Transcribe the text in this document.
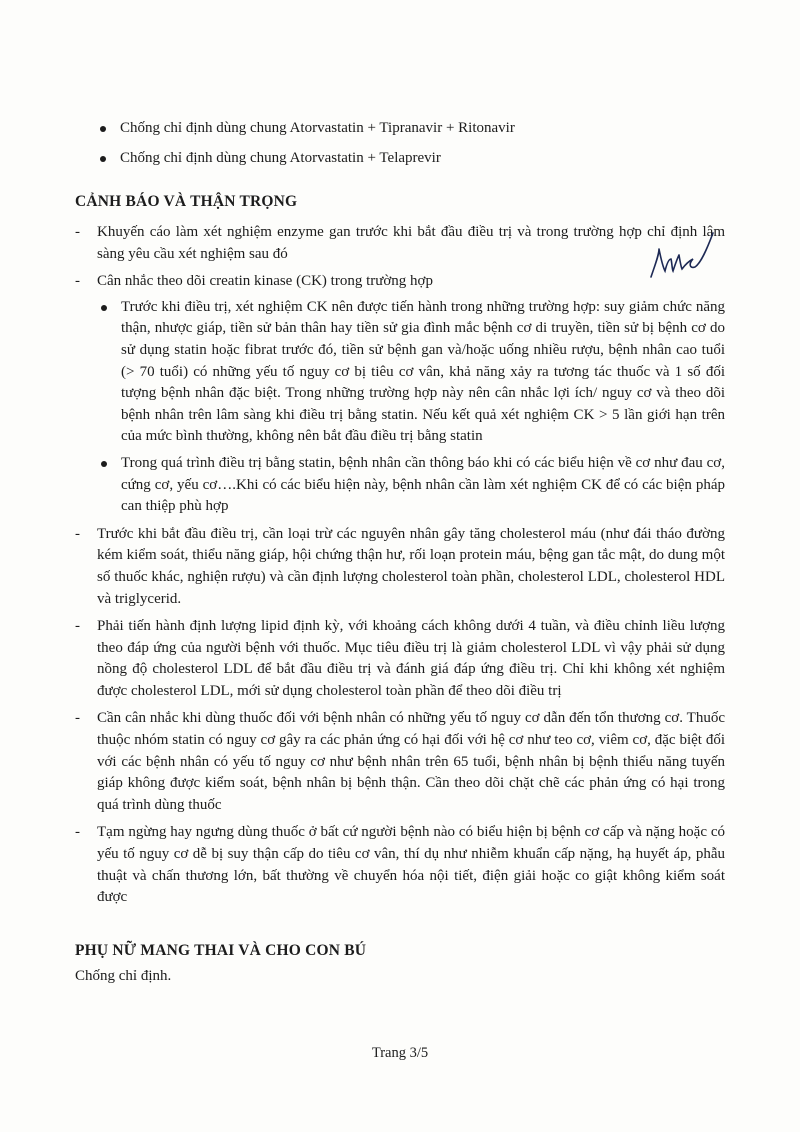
Chống chỉ định dùng chung Atorvastatin + Tipranavir + Ritonavir
Chống chỉ định dùng chung Atorvastatin + Telaprevir
CẢNH BÁO VÀ THẬN TRỌNG
- Khuyến cáo làm xét nghiệm enzyme gan trước khi bắt đầu điều trị và trong trường hợp chỉ định lâm sàng yêu cầu xét nghiệm sau đó
- Cân nhắc theo dõi creatin kinase (CK) trong trường hợp
Trước khi điều trị, xét nghiệm CK nên được tiến hành trong những trường hợp: suy giảm chức năng thận, nhược giáp, tiền sử bản thân hay tiền sử gia đình mắc bệnh cơ di truyền, tiền sử bị bệnh cơ do sử dụng statin hoặc fibrat trước đó, tiền sử bệnh gan và/hoặc uống nhiều rượu, bệnh nhân cao tuổi (> 70 tuổi) có những yếu tố nguy cơ bị tiêu cơ vân, khả năng xảy ra tương tác thuốc và 1 số đối tượng bệnh nhân đặc biệt. Trong những trường hợp này nên cân nhắc lợi ích/ nguy cơ và theo dõi bệnh nhân trên lâm sàng khi điều trị bằng statin. Nếu kết quả xét nghiệm CK > 5 lần giới hạn trên của mức bình thường, không nên bắt đầu điều trị bằng statin
Trong quá trình điều trị bằng statin, bệnh nhân cần thông báo khi có các biểu hiện về cơ như đau cơ, cứng cơ, yếu cơ….Khi có các biểu hiện này, bệnh nhân cần làm xét nghiệm CK để có các biện pháp can thiệp phù hợp
- Trước khi bắt đầu điều trị, cần loại trừ các nguyên nhân gây tăng cholesterol máu (như đái tháo đường kém kiểm soát, thiểu năng giáp, hội chứng thận hư, rối loạn protein máu, bệng gan tắc mật, do dung một số thuốc khác, nghiện rượu) và cần định lượng cholesterol toàn phần, cholesterol LDL, cholesterol HDL và triglycerid.
- Phải tiến hành định lượng lipid định kỳ, với khoảng cách không dưới 4 tuần, và điều chỉnh liều lượng theo đáp ứng của người bệnh với thuốc. Mục tiêu điều trị là giảm cholesterol LDL vì vậy phải sử dụng nồng độ cholesterol LDL để bắt đầu điều trị và đánh giá đáp ứng điều trị. Chỉ khi không xét nghiệm được cholesterol LDL, mới sử dụng cholesterol toàn phần để theo dõi điều trị
- Cần cân nhắc khi dùng thuốc đối với bệnh nhân có những yếu tố nguy cơ dẫn đến tổn thương cơ. Thuốc thuộc nhóm statin có nguy cơ gây ra các phản ứng có hại đối với hệ cơ như teo cơ, viêm cơ, đặc biệt đối với các bệnh nhân có yếu tố nguy cơ như bệnh nhân trên 65 tuổi, bệnh nhân bị bệnh thiểu năng tuyến giáp không được kiểm soát, bệnh nhân bị bệnh thận. Cần theo dõi chặt chẽ các phản ứng có hại trong quá trình dùng thuốc
- Tạm ngừng hay ngưng dùng thuốc ở bất cứ người bệnh nào có biểu hiện bị bệnh cơ cấp và nặng hoặc có yếu tố nguy cơ dễ bị suy thận cấp do tiêu cơ vân, thí dụ như nhiễm khuẩn cấp nặng, hạ huyết áp, phẫu thuật và chấn thương lớn, bất thường về chuyển hóa nội tiết, điện giải hoặc co giật không kiểm soát được
PHỤ NỮ MANG THAI VÀ CHO CON BÚ
Chống chỉ định.
Trang 3/5
